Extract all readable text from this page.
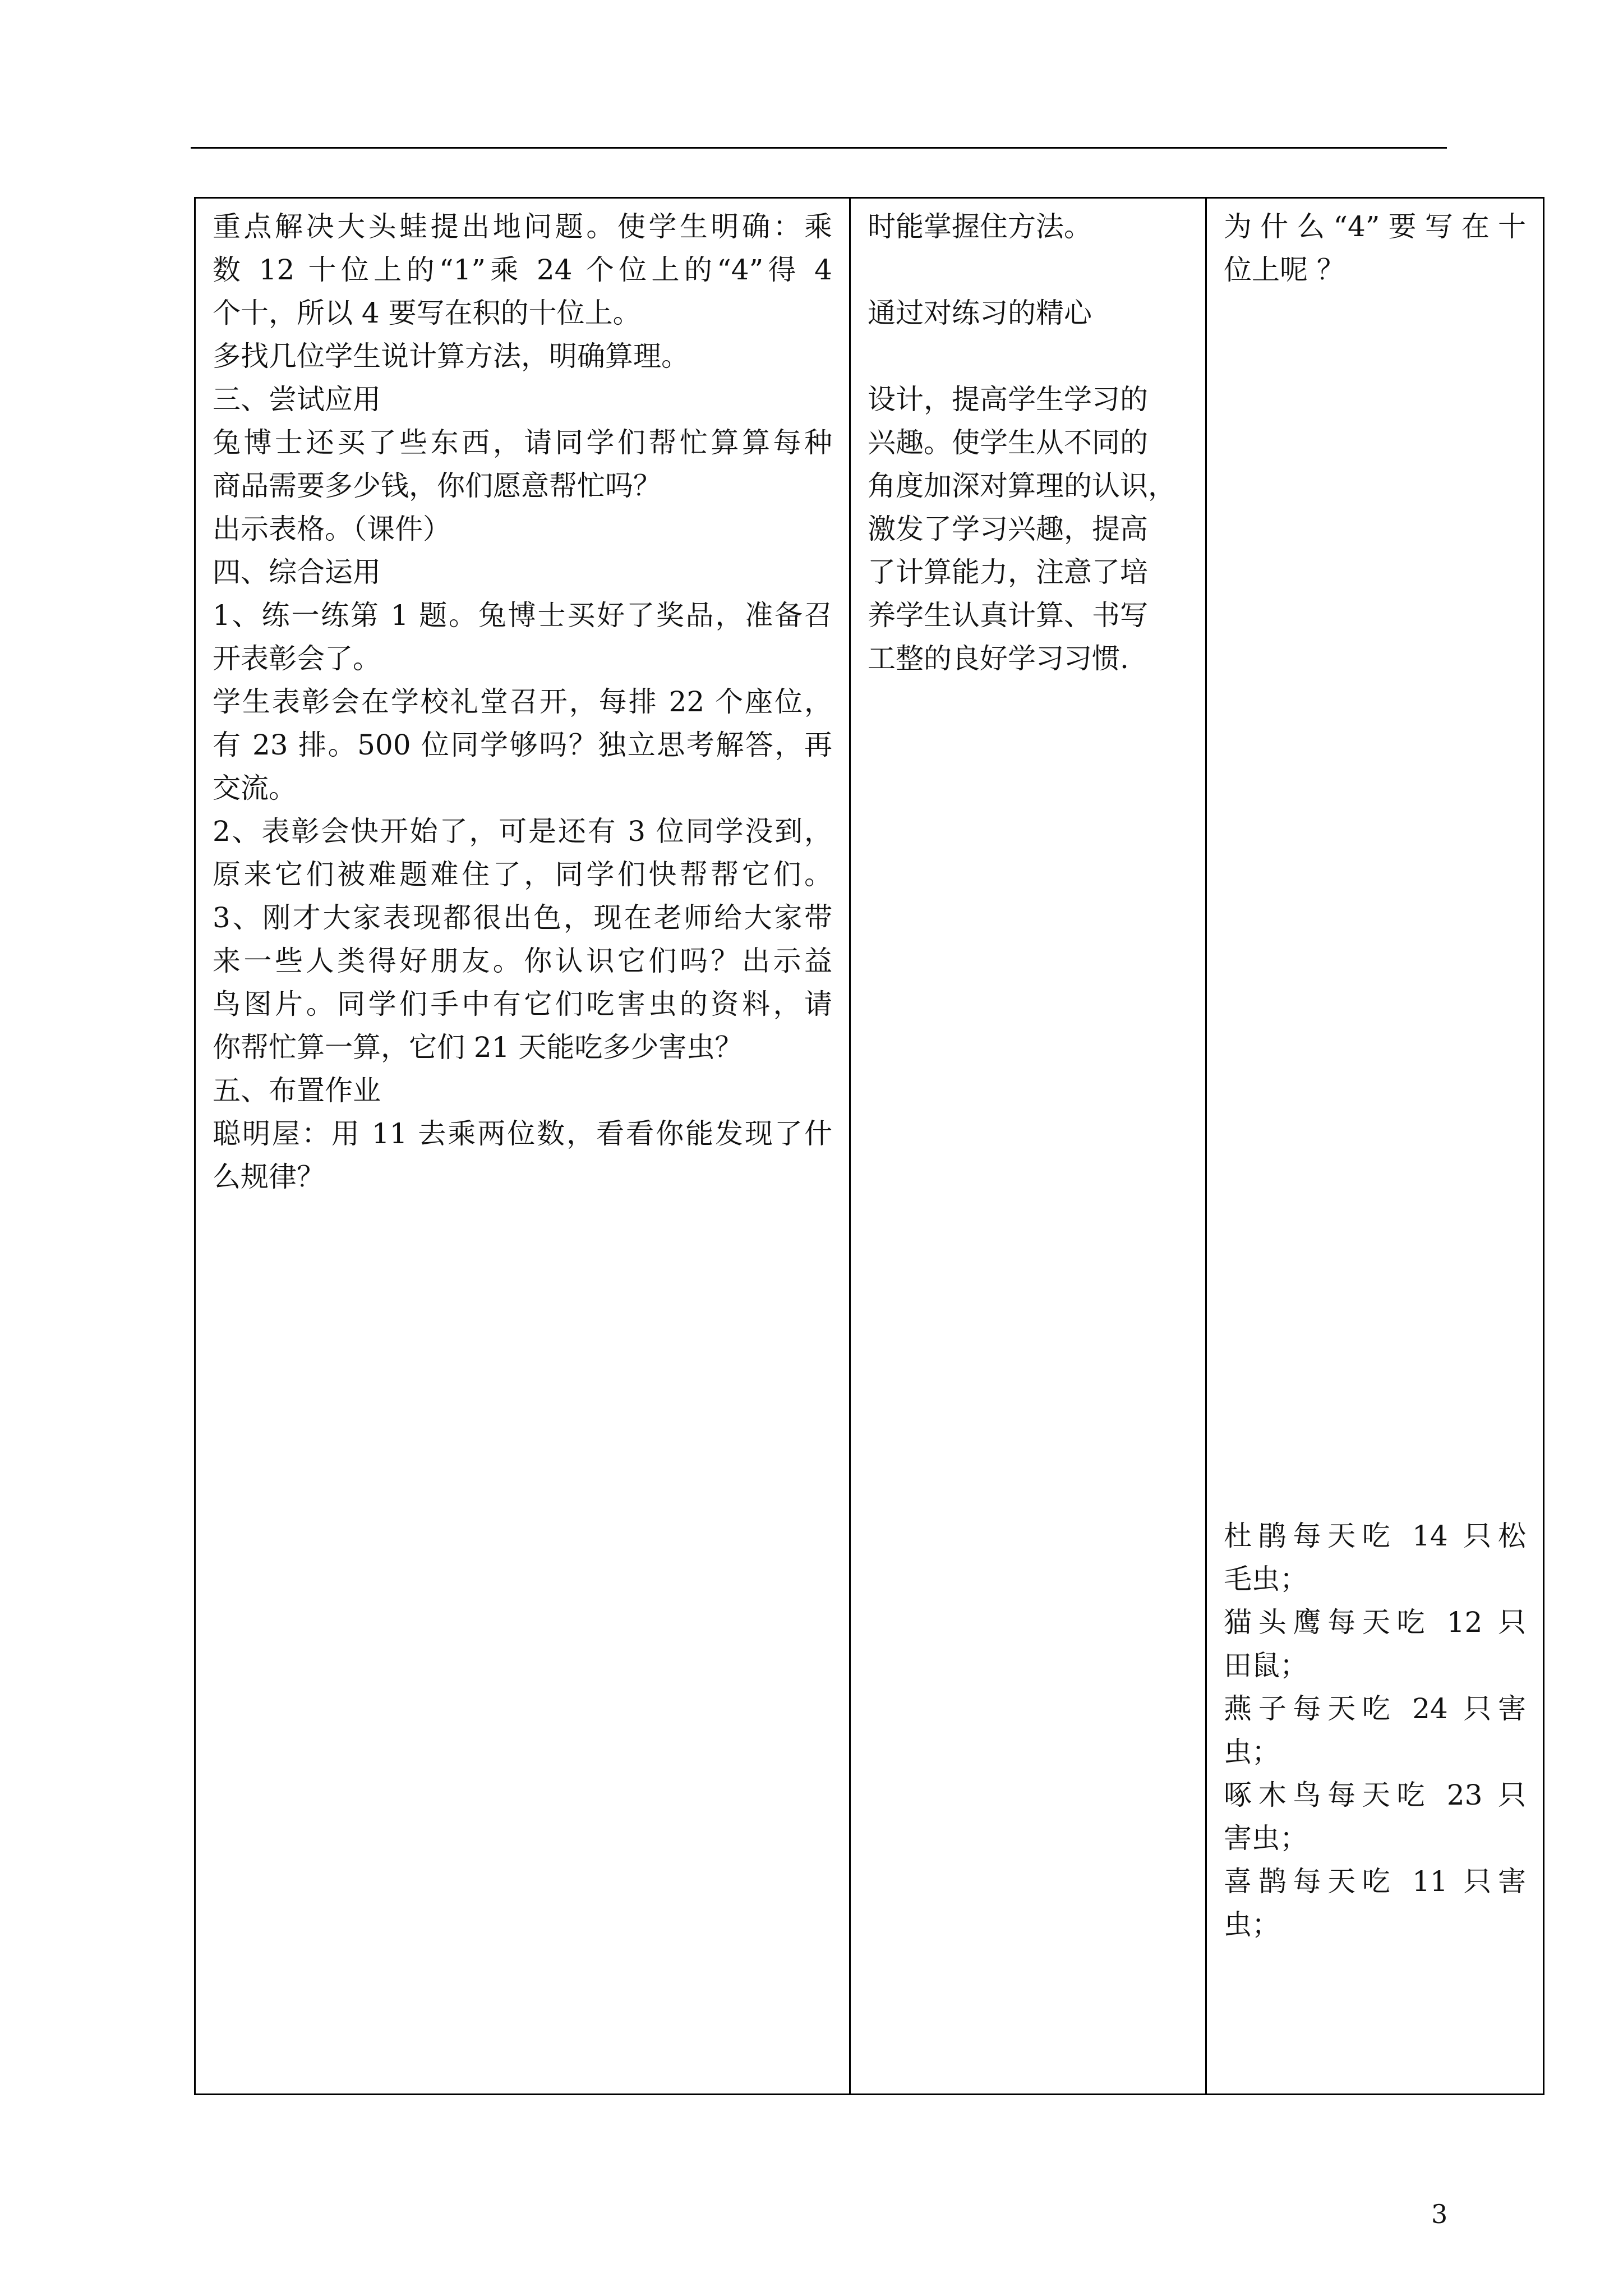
重点解决大头蛙提出地问题。使学生明确：乘
数 12 十位上的“1”乘 24 个位上的“4”得 4
个十，所以 4 要写在积的十位上。
多找几位学生说计算方法，明确算理。
三、尝试应用
兔博士还买了些东西，请同学们帮忙算算每种
商品需要多少钱，你们愿意帮忙吗？
出示表格。（课件）
四、综合运用
1、练一练第 1 题。兔博士买好了奖品，准备召
开表彰会了。
学生表彰会在学校礼堂召开，每排 22 个座位，
有 23 排。500 位同学够吗？独立思考解答，再
交流。
2、表彰会快开始了，可是还有 3 位同学没到，
原来它们被难题难住了，同学们快帮帮它们。
3、刚才大家表现都很出色，现在老师给大家带
来一些人类得好朋友。你认识它们吗？出示益
鸟图片。同学们手中有它们吃害虫的资料，请
你帮忙算一算，它们 21 天能吃多少害虫？
五、布置作业
聪明屋：用 11 去乘两位数，看看你能发现了什
么规律？

时能掌握住方法。
通过对练习的精心
设计，提高学生学习的
兴趣。使学生从不同的
角度加深对算理的认识，
激发了学习兴趣，提高
了计算能力，注意了培
养学生认真计算、书写
工整的良好学习习惯.

为什么“4”要写在十
位上呢 ？
杜鹃每天吃 14 只松
毛虫；
猫头鹰每天吃 12 只
田鼠；
燕子每天吃 24 只害
虫；
啄木鸟每天吃 23 只
害虫；
喜鹊每天吃 11 只害
虫；
3
